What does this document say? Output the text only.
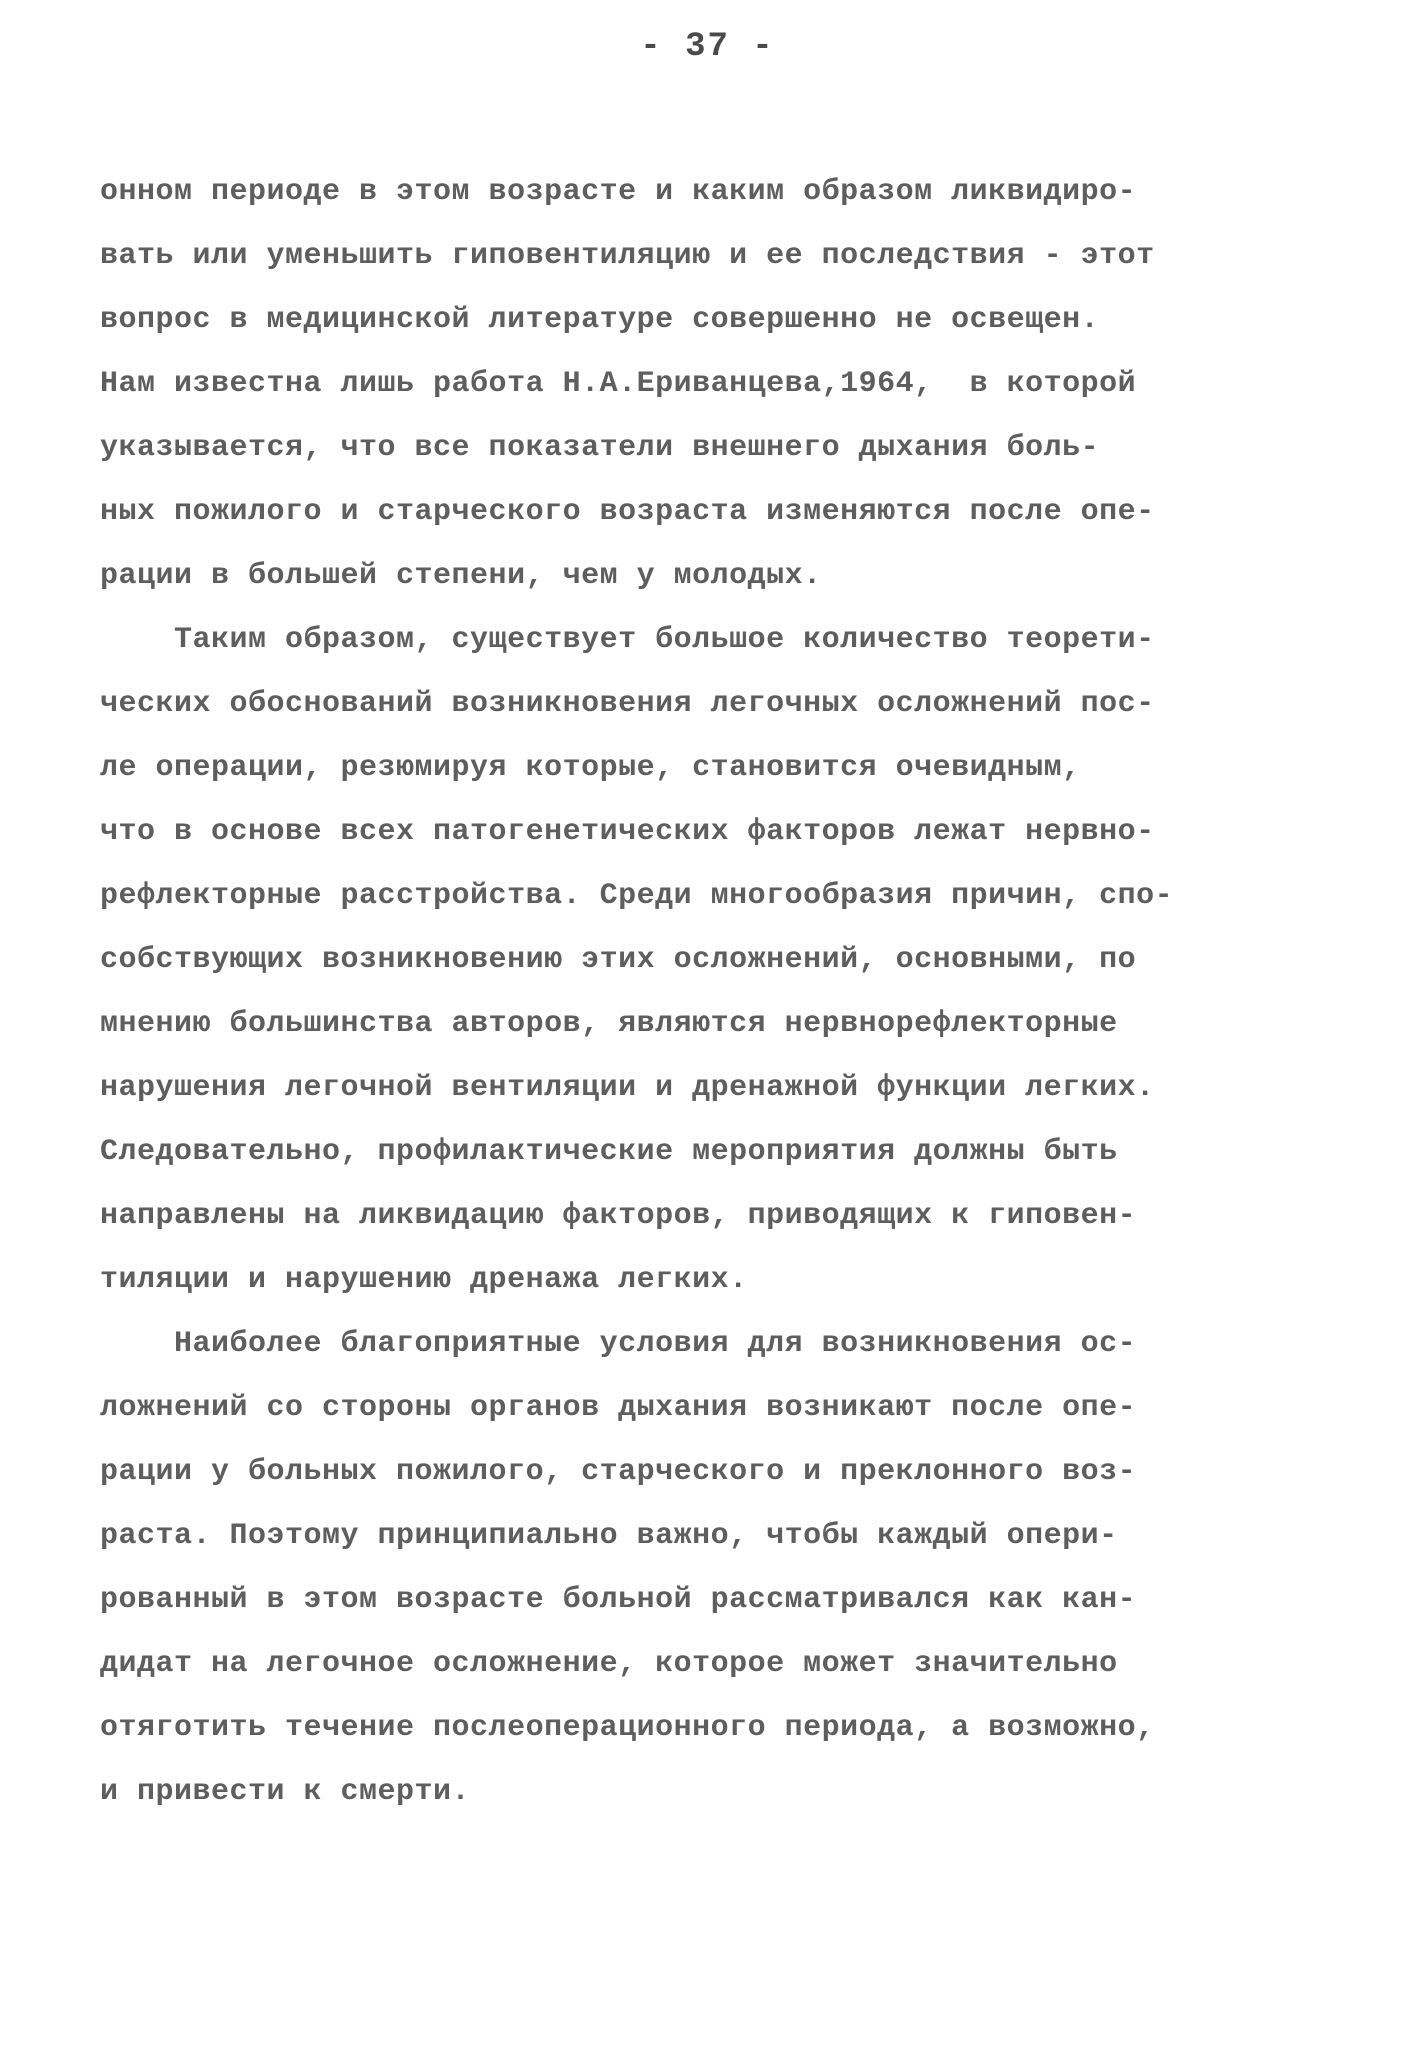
- 37 -
онном периоде в этом возрасте и каким образом ликвидиро-
вать или уменьшить гиповентиляцию и ее последствия - этот
вопрос в медицинской литературе совершенно не освещен.
Нам известна лишь работа Н.А.Ериванцева,1964,  в которой
указывается, что все показатели внешнего дыхания боль-
ных пожилого и старческого возраста изменяются после опе-
рации в большей степени, чем у молодых.
Таким образом, существует большое количество теорети-
ческих обоснований возникновения легочных осложнений пос-
ле операции, резюмируя которые, становится очевидным,
что в основе всех патогенетических факторов лежат нервно-
рефлекторные расстройства. Среди многообразия причин, спо-
собствующих возникновению этих осложнений, основными, по
мнению большинства авторов, являются нервнорефлекторные
нарушения легочной вентиляции и дренажной функции легких.
Следовательно, профилактические мероприятия должны быть
направлены на ликвидацию факторов, приводящих к гиповен-
тиляции и нарушению дренажа легких.
Наиболее благоприятные условия для возникновения ос-
ложнений со стороны органов дыхания возникают после опе-
рации у больных пожилого, старческого и преклонного воз-
раста. Поэтому принципиально важно, чтобы каждый опери-
рованный в этом возрасте больной рассматривался как кан-
дидат на легочное осложнение, которое может значительно
отяготить течение послеоперационного периода, а возможно,
и привести к смерти.
